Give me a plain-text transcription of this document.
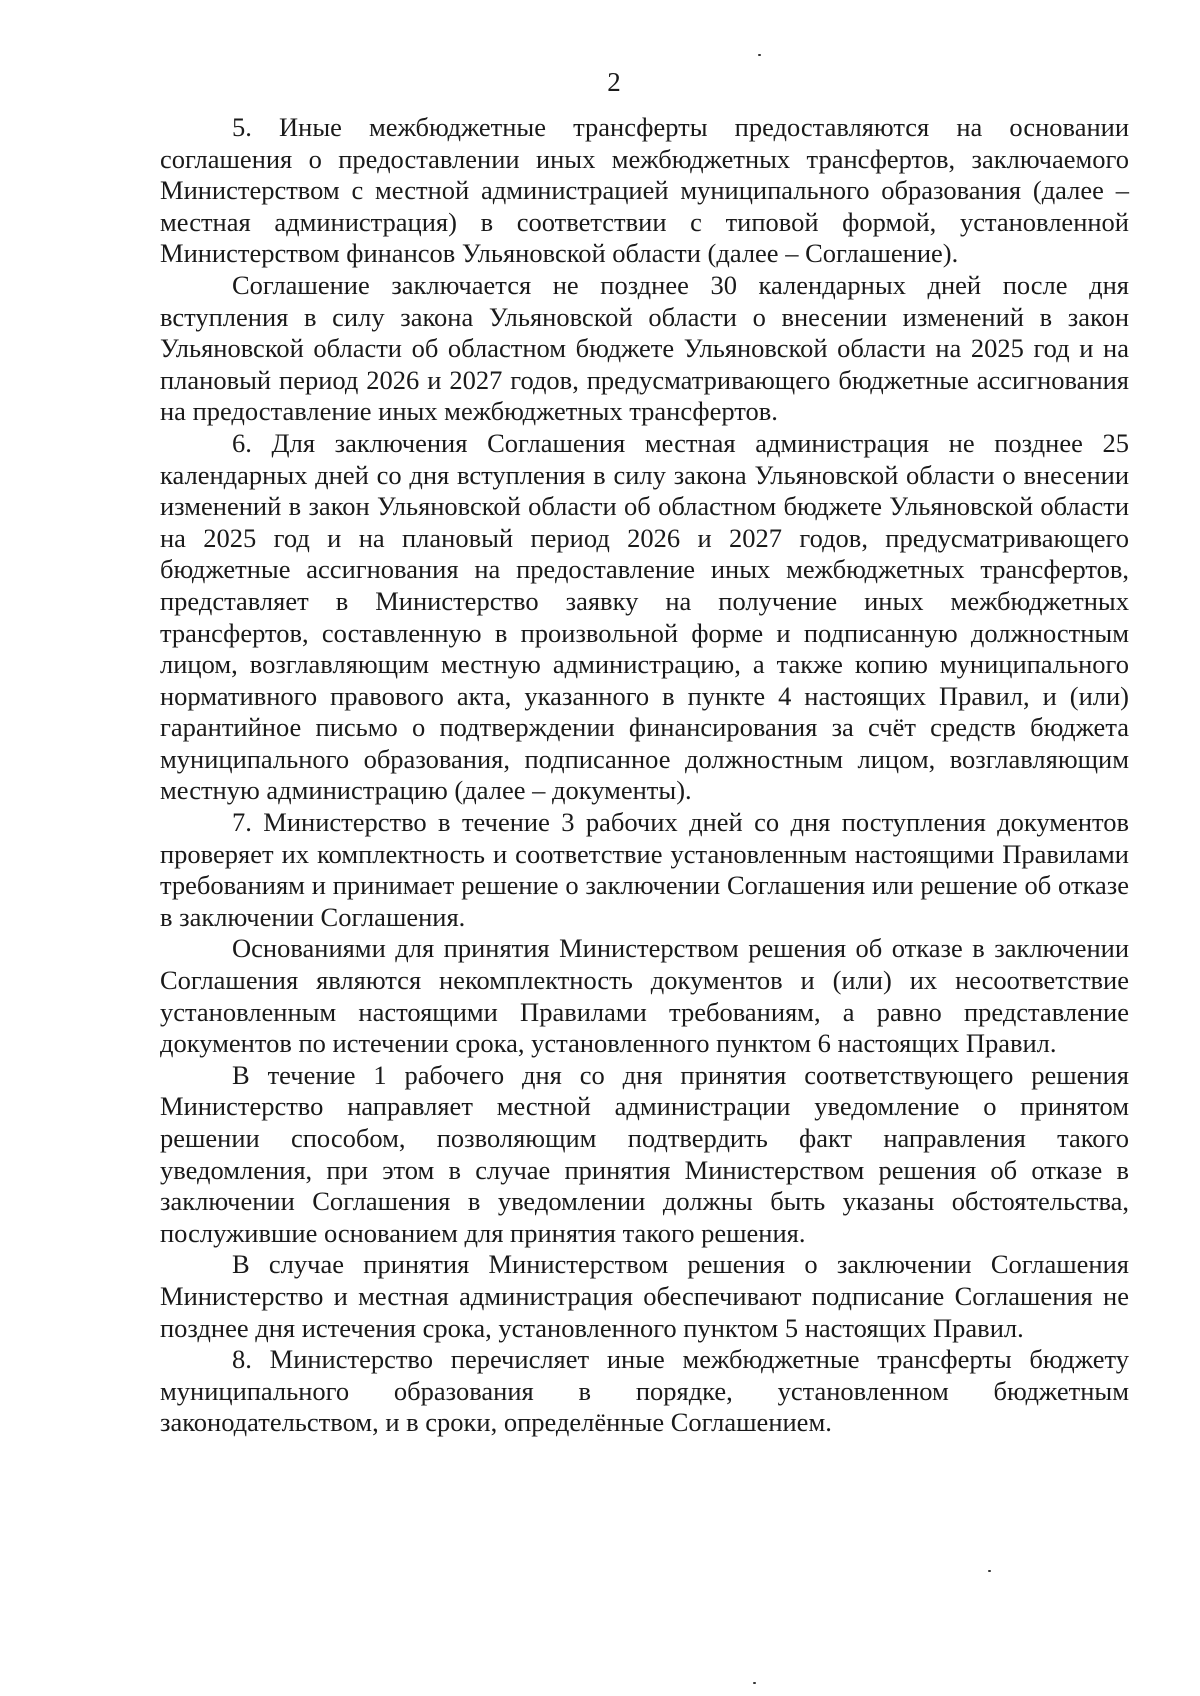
2

5. Иные межбюджетные трансферты предоставляются на основании соглашения о предоставлении иных межбюджетных трансфертов, заключаемого Министерством с местной администрацией муниципального образования (далее – местная администрация) в соответствии с типовой формой, установленной Министерством финансов Ульяновской области (далее – Соглашение).

Соглашение заключается не позднее 30 календарных дней после дня вступления в силу закона Ульяновской области о внесении изменений в закон Ульяновской области об областном бюджете Ульяновской области на 2025 год и на плановый период 2026 и 2027 годов, предусматривающего бюджетные ассигнования на предоставление иных межбюджетных трансфертов.

6. Для заключения Соглашения местная администрация не позднее 25 календарных дней со дня вступления в силу закона Ульяновской области о внесении изменений в закон Ульяновской области об областном бюджете Ульяновской области на 2025 год и на плановый период 2026 и 2027 годов, предусматривающего бюджетные ассигнования на предоставление иных межбюджетных трансфертов, представляет в Министерство заявку на получение иных межбюджетных трансфертов, составленную в произвольной форме и подписанную должностным лицом, возглавляющим местную администрацию, а также копию муниципального нормативного правового акта, указанного в пункте 4 настоящих Правил, и (или) гарантийное письмо о подтверждении финансирования за счёт средств бюджета муниципального образования, подписанное должностным лицом, возглавляющим местную администрацию (далее – документы).

7. Министерство в течение 3 рабочих дней со дня поступления документов проверяет их комплектность и соответствие установленным настоящими Правилами требованиям и принимает решение о заключении Соглашения или решение об отказе в заключении Соглашения.

Основаниями для принятия Министерством решения об отказе в заключении Соглашения являются некомплектность документов и (или) их несоответствие установленным настоящими Правилами требованиям, а равно представление документов по истечении срока, установленного пунктом 6 настоящих Правил.

В течение 1 рабочего дня со дня принятия соответствующего решения Министерство направляет местной администрации уведомление о принятом решении способом, позволяющим подтвердить факт направления такого уведомления, при этом в случае принятия Министерством решения об отказе в заключении Соглашения в уведомлении должны быть указаны обстоятельства, послужившие основанием для принятия такого решения.

В случае принятия Министерством решения о заключении Соглашения Министерство и местная администрация обеспечивают подписание Соглашения не позднее дня истечения срока, установленного пунктом 5 настоящих Правил.

8. Министерство перечисляет иные межбюджетные трансферты бюджету муниципального образования в порядке, установленном бюджетным законодательством, и в сроки, определённые Соглашением.
